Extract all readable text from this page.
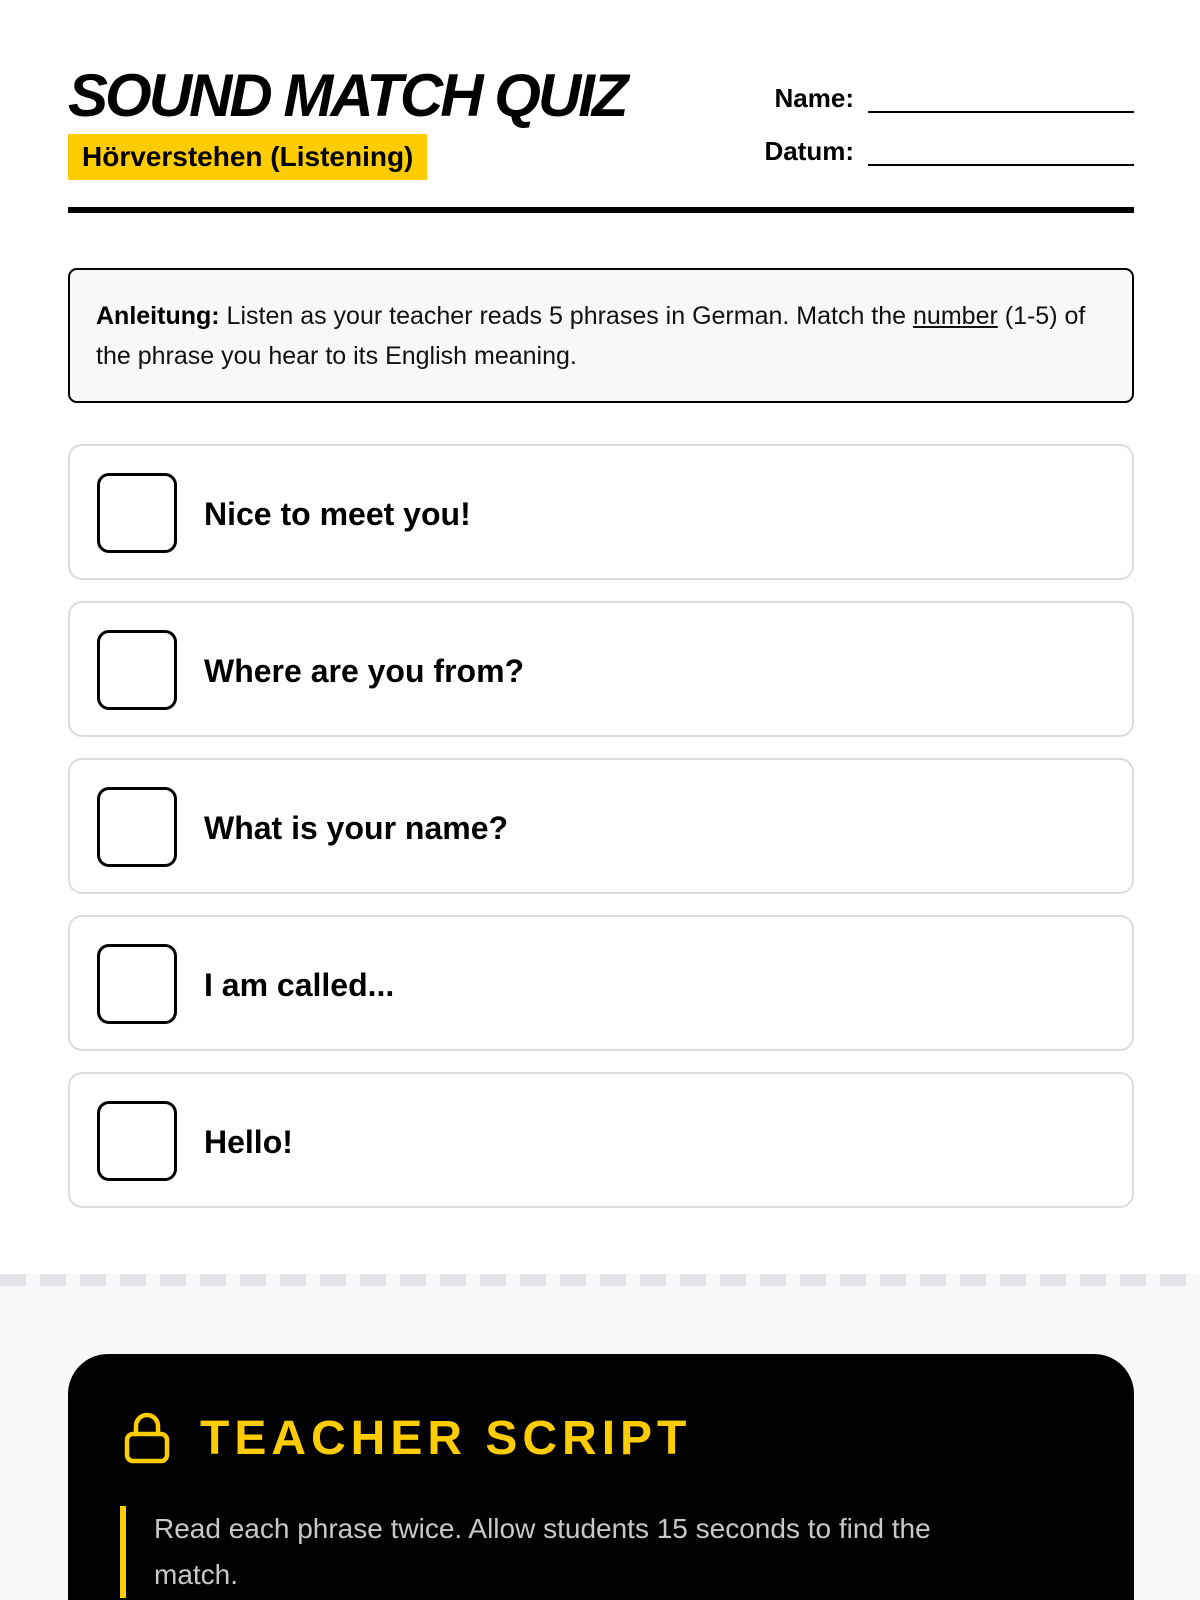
SOUND MATCH QUIZ
Hörverstehen (Listening)
Name:
Datum:
Anleitung: Listen as your teacher reads 5 phrases in German. Match the number (1-5) of the phrase you hear to its English meaning.
Nice to meet you!
Where are you from?
What is your name?
I am called...
Hello!
TEACHER SCRIPT
Read each phrase twice. Allow students 15 seconds to find the match.
